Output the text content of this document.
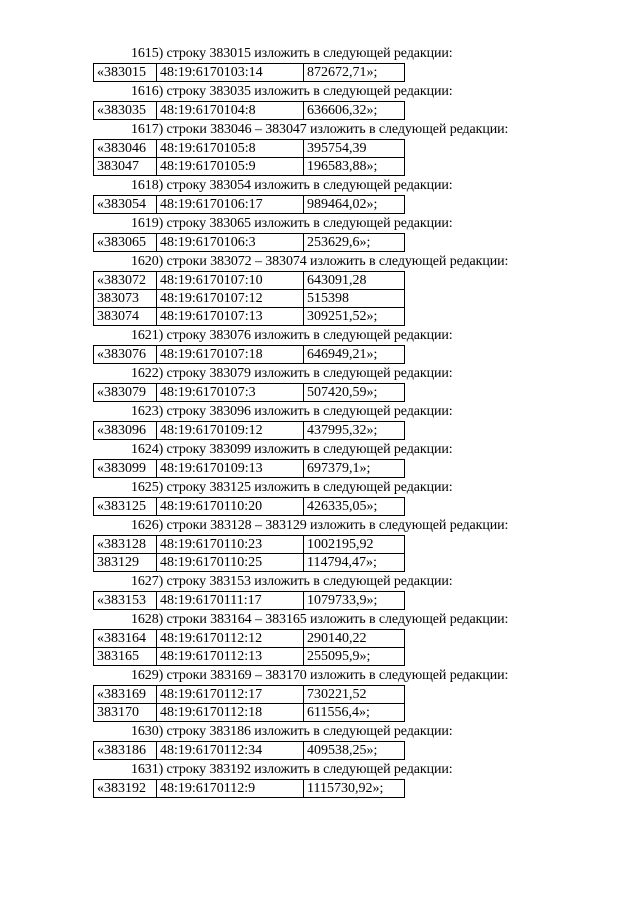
1615) строку 383015 изложить в следующей редакции:
«383015	48:19:6170103:14	872672,71»;
1616) строку 383035 изложить в следующей редакции:
«383035	48:19:6170104:8	636606,32»;
1617) строки 383046 – 383047 изложить в следующей редакции:
«383046	48:19:6170105:8	395754,39
383047	48:19:6170105:9	196583,88»;
1618) строку 383054 изложить в следующей редакции:
«383054	48:19:6170106:17	989464,02»;
1619) строку 383065 изложить в следующей редакции:
«383065	48:19:6170106:3	253629,6»;
1620) строки 383072 – 383074 изложить в следующей редакции:
«383072	48:19:6170107:10	643091,28
383073	48:19:6170107:12	515398
383074	48:19:6170107:13	309251,52»;
1621) строку 383076 изложить в следующей редакции:
«383076	48:19:6170107:18	646949,21»;
1622) строку 383079 изложить в следующей редакции:
«383079	48:19:6170107:3	507420,59»;
1623) строку 383096 изложить в следующей редакции:
«383096	48:19:6170109:12	437995,32»;
1624) строку 383099 изложить в следующей редакции:
«383099	48:19:6170109:13	697379,1»;
1625) строку 383125 изложить в следующей редакции:
«383125	48:19:6170110:20	426335,05»;
1626) строки 383128 – 383129 изложить в следующей редакции:
«383128	48:19:6170110:23	1002195,92
383129	48:19:6170110:25	114794,47»;
1627) строку 383153 изложить в следующей редакции:
«383153	48:19:6170111:17	1079733,9»;
1628) строки 383164 – 383165 изложить в следующей редакции:
«383164	48:19:6170112:12	290140,22
383165	48:19:6170112:13	255095,9»;
1629) строки 383169 – 383170 изложить в следующей редакции:
«383169	48:19:6170112:17	730221,52
383170	48:19:6170112:18	611556,4»;
1630) строку 383186 изложить в следующей редакции:
«383186	48:19:6170112:34	409538,25»;
1631) строку 383192 изложить в следующей редакции:
«383192	48:19:6170112:9	1115730,92»;
